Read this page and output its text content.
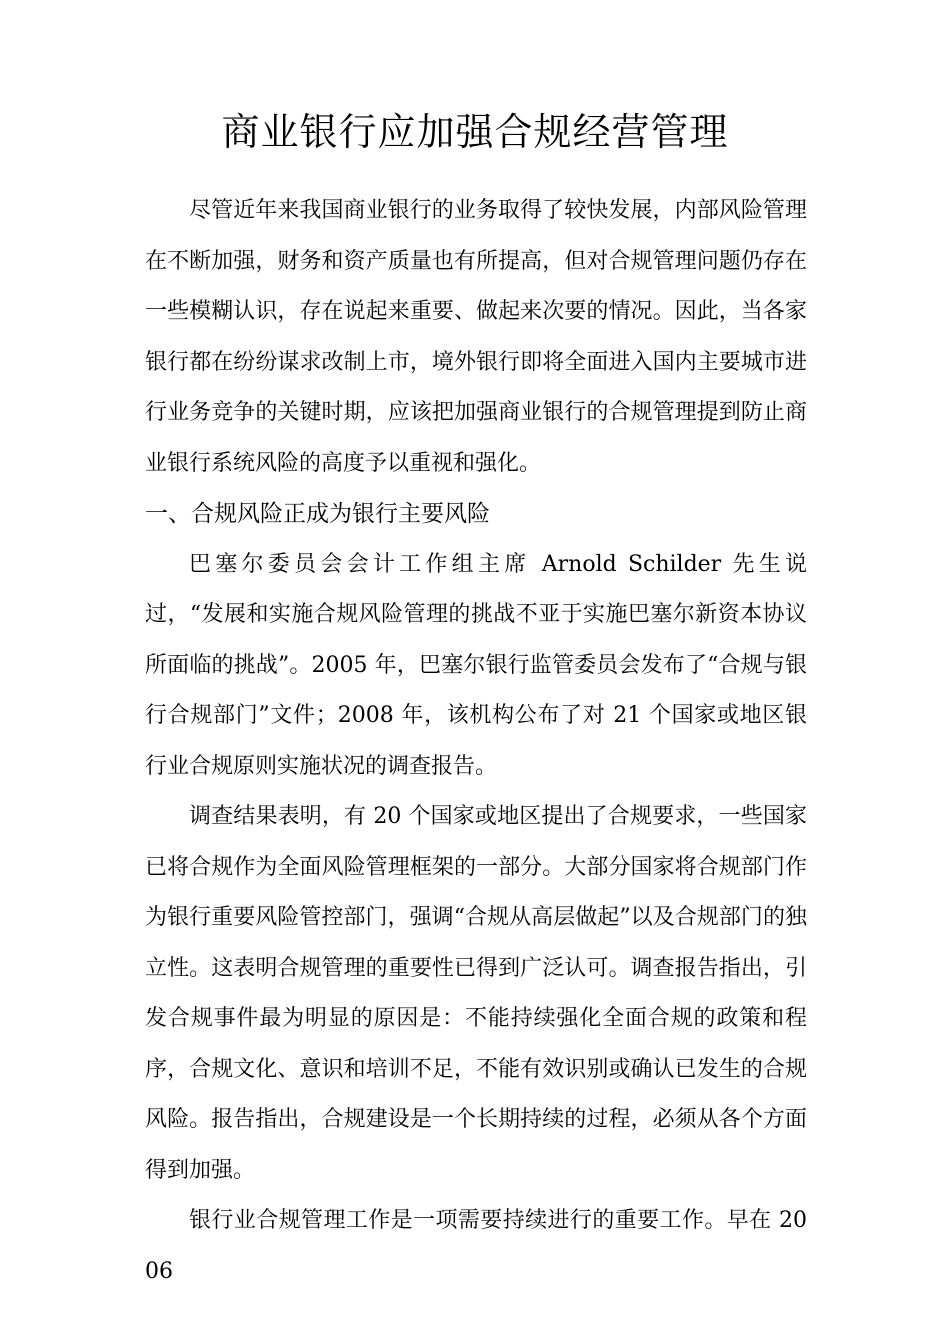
商业银行应加强合规经营管理

尽管近年来我国商业银行的业务取得了较快发展，内部风险管理在不断加强，财务和资产质量也有所提高，但对合规管理问题仍存在一些模糊认识，存在说起来重要、做起来次要的情况。因此，当各家银行都在纷纷谋求改制上市，境外银行即将全面进入国内主要城市进行业务竞争的关键时期，应该把加强商业银行的合规管理提到防止商业银行系统风险的高度予以重视和强化。

一、合规风险正成为银行主要风险

巴塞尔委员会会计工作组主席 Arnold Schilder 先生说过，“发展和实施合规风险管理的挑战不亚于实施巴塞尔新资本协议所面临的挑战”。2005 年，巴塞尔银行监管委员会发布了“合规与银行合规部门”文件；2008 年，该机构公布了对 21 个国家或地区银行业合规原则实施状况的调查报告。

调查结果表明，有 20 个国家或地区提出了合规要求，一些国家已将合规作为全面风险管理框架的一部分。大部分国家将合规部门作为银行重要风险管控部门，强调“合规从高层做起”以及合规部门的独立性。这表明合规管理的重要性已得到广泛认可。调查报告指出，引发合规事件最为明显的原因是：不能持续强化全面合规的政策和程序，合规文化、意识和培训不足，不能有效识别或确认已发生的合规风险。报告指出，合规建设是一个长期持续的过程，必须从各个方面得到加强。

银行业合规管理工作是一项需要持续进行的重要工作。早在 2006
